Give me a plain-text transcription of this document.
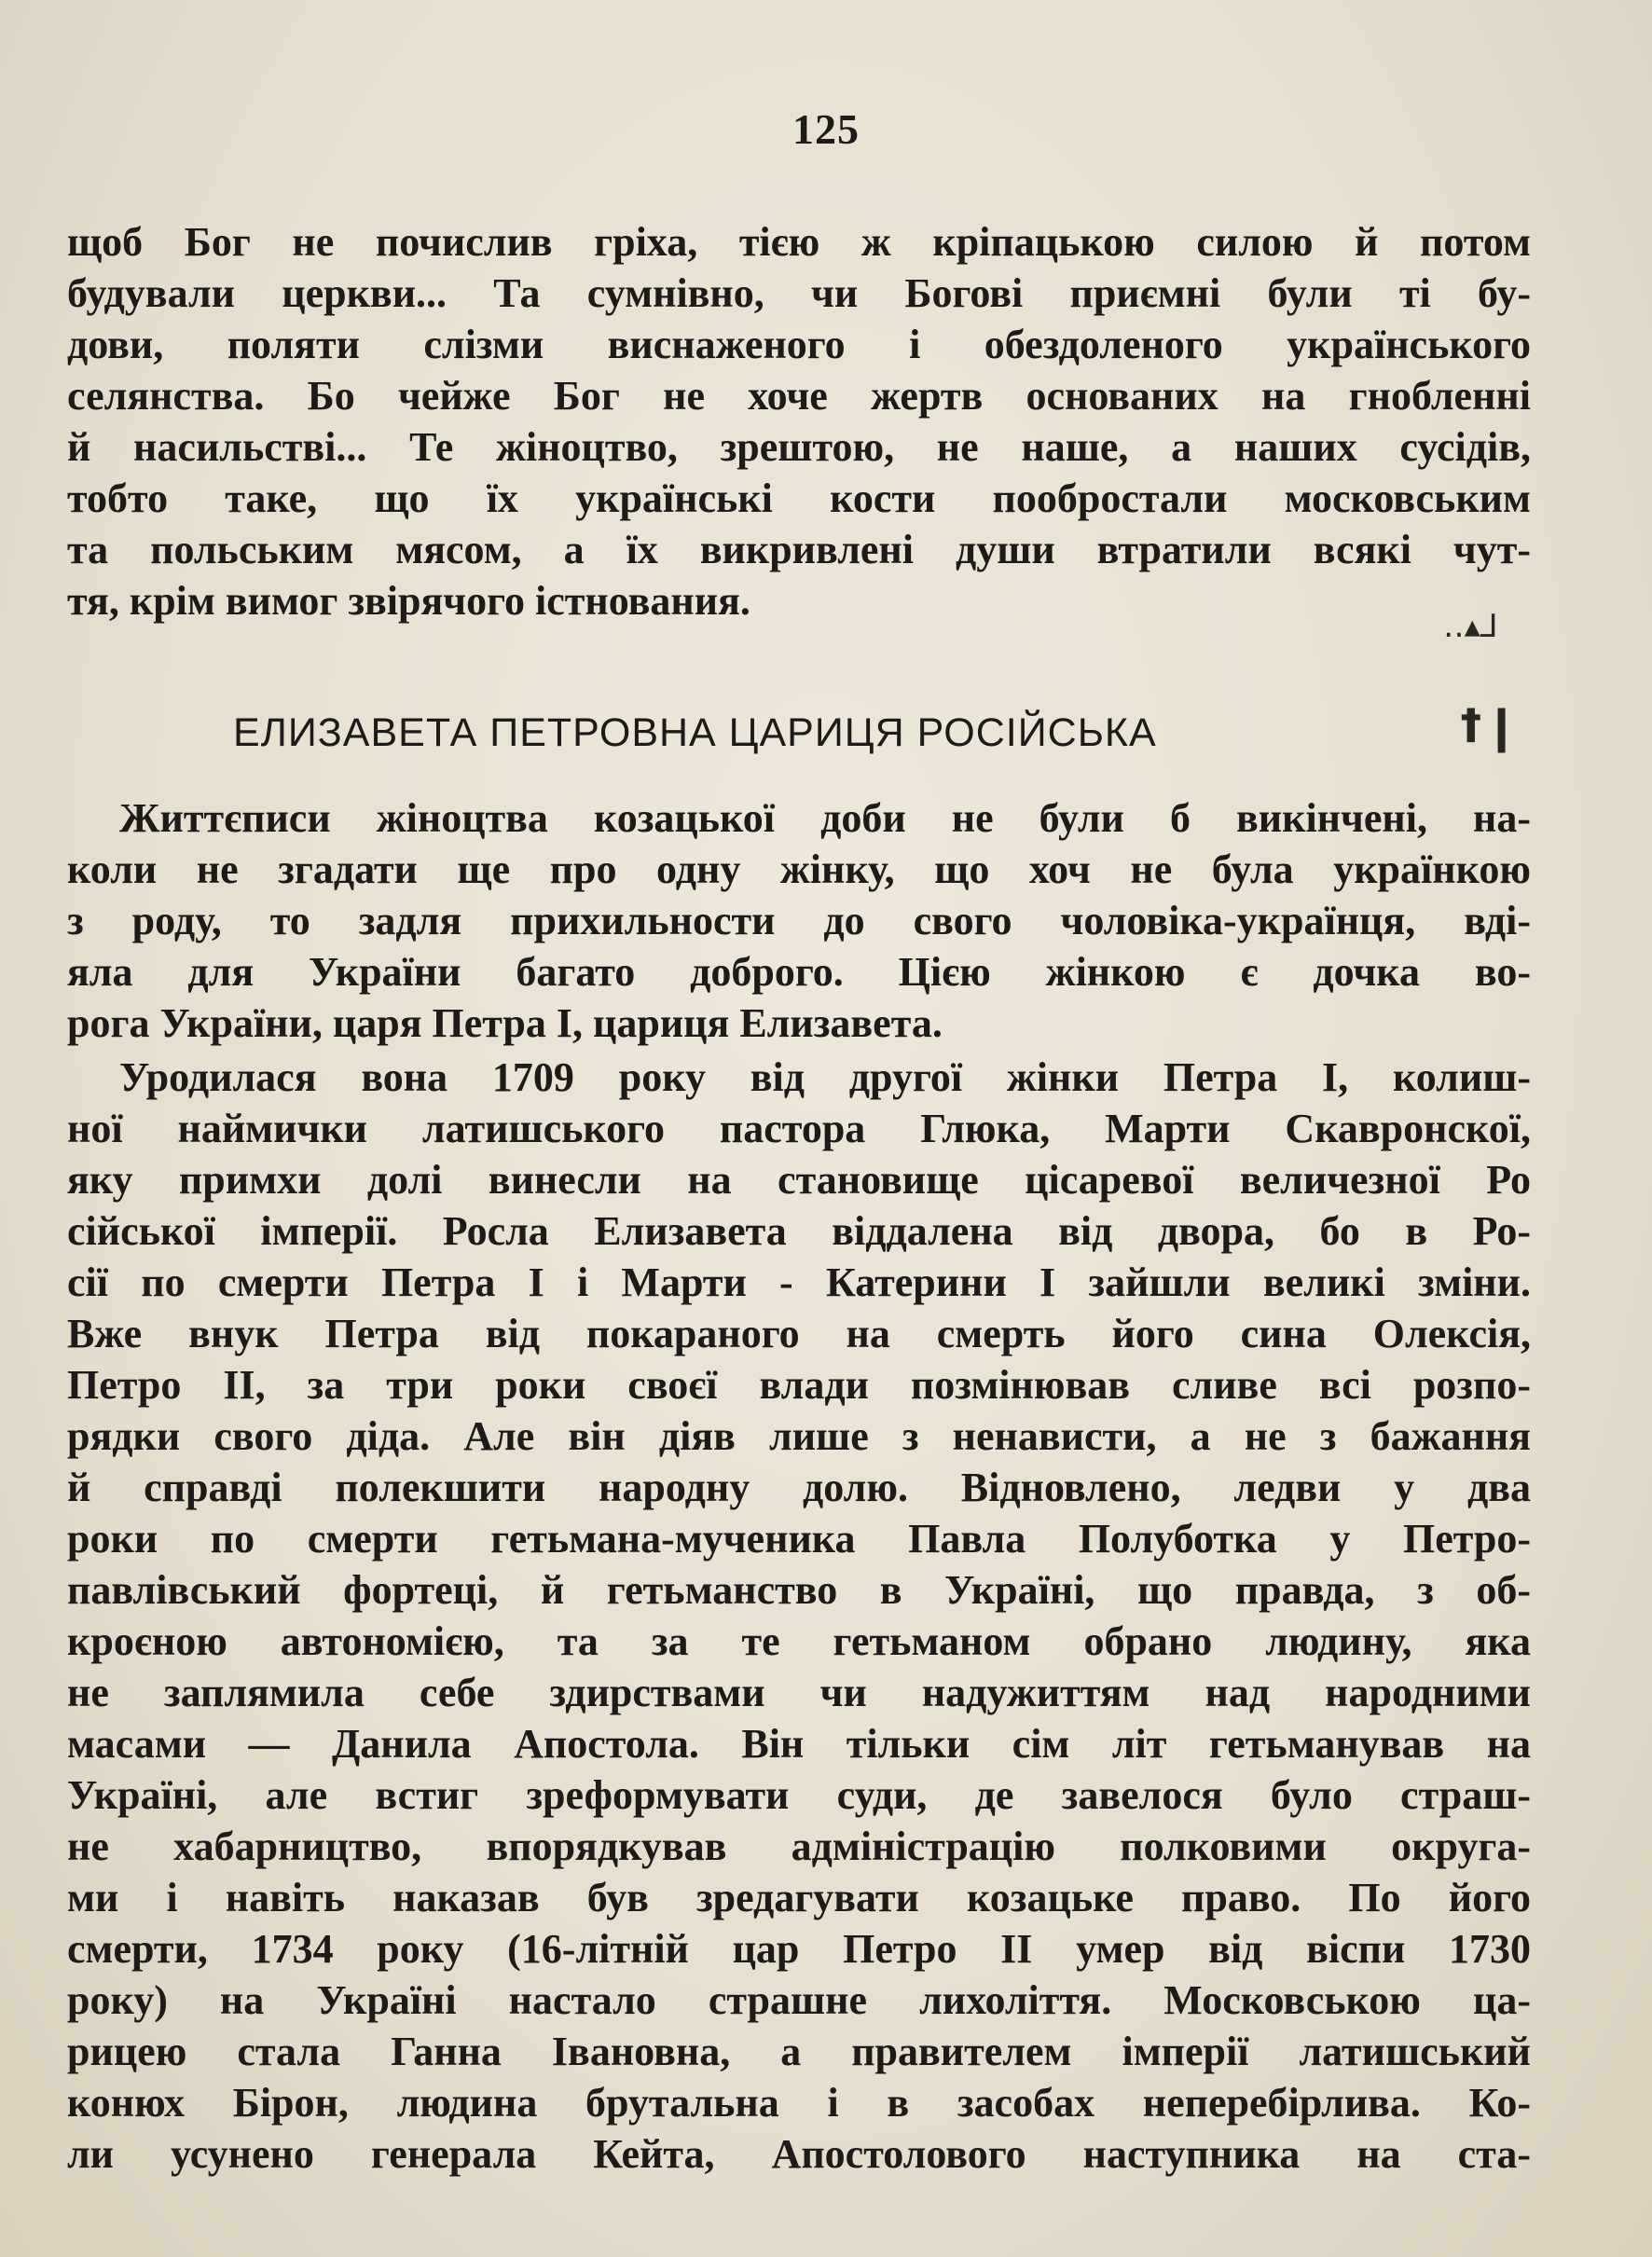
125
щоб Бог не почислив гріха, тією ж кріпацькою силою й потом
будували церкви... Та сумнівно, чи Богові приємні були ті бу-
дови, поляти слізми виснаженого і обездоленого українського
селянства. Бо чейже Бог не хоче жертв основаних на гнобленні
й насильстві... Те жіноцтво, зрештою, не наше, а наших сусідів,
тобто таке, що їх українські кости пообростали московським
та польським мясом, а їх викривлені души втратили всякі чут-
тя, крім вимог звірячого істнования.
‥▴⅃
ЕЛИЗАВЕТА ПЕТРОВНА ЦАРИЦЯ РОСІЙСЬКА	ꝉ❙
Життєписи жіноцтва козацької доби не були б викінчені, на-
коли не згадати ще про одну жінку, що хоч не була українкою
з роду, то задля прихильности до свого чоловіка-українця, вді-
яла для України багато доброго. Цією жінкою є дочка во-
рога України, царя Петра І, цариця Елизавета.
Уродилася вона 1709 року від другої жінки Петра І, колиш-
ної наймички латишського пастора Глюка, Марти Скавронскої,
яку примхи долі винесли на становище цісаревої величезної Ро
сійської імперії. Росла Елизавета віддалена від двора, бо в Ро-
сії по смерти Петра І і Марти - Катерини І зайшли великі зміни.
Вже внук Петра від покараного на смерть його сина Олексія,
Петро II, за три роки своєї влади позмінював сливе всі розпо-
рядки свого діда. Але він діяв лише з ненависти, а не з бажання
й справді полекшити народну долю. Відновлено, ледви у два
роки по смерти гетьмана-мученика Павла Полуботка у Петро-
павлівський фортеці, й гетьманство в Україні, що правда, з об-
кроєною автономією, та за те гетьманом обрано людину, яка
не заплямила себе здирствами чи надужиттям над народними
масами — Данила Апостола. Він тільки сім літ гетьманував на
Україні, але встиг зреформувати суди, де завелося було страш-
не хабарництво, впорядкував адміністрацію полковими округа-
ми і навіть наказав був зредагувати козацьке право. По його
смерти, 1734 року (16-літній цар Петро II умер від віспи 1730
року) на Україні настало страшне лихоліття. Московською ца-
рицею стала Ганна Івановна, а правителем імперії латишський
конюх Бірон, людина брутальна і в засобах неперебірлива. Ко-
ли усунено генерала Кейта, Апостолового наступника на ста-
